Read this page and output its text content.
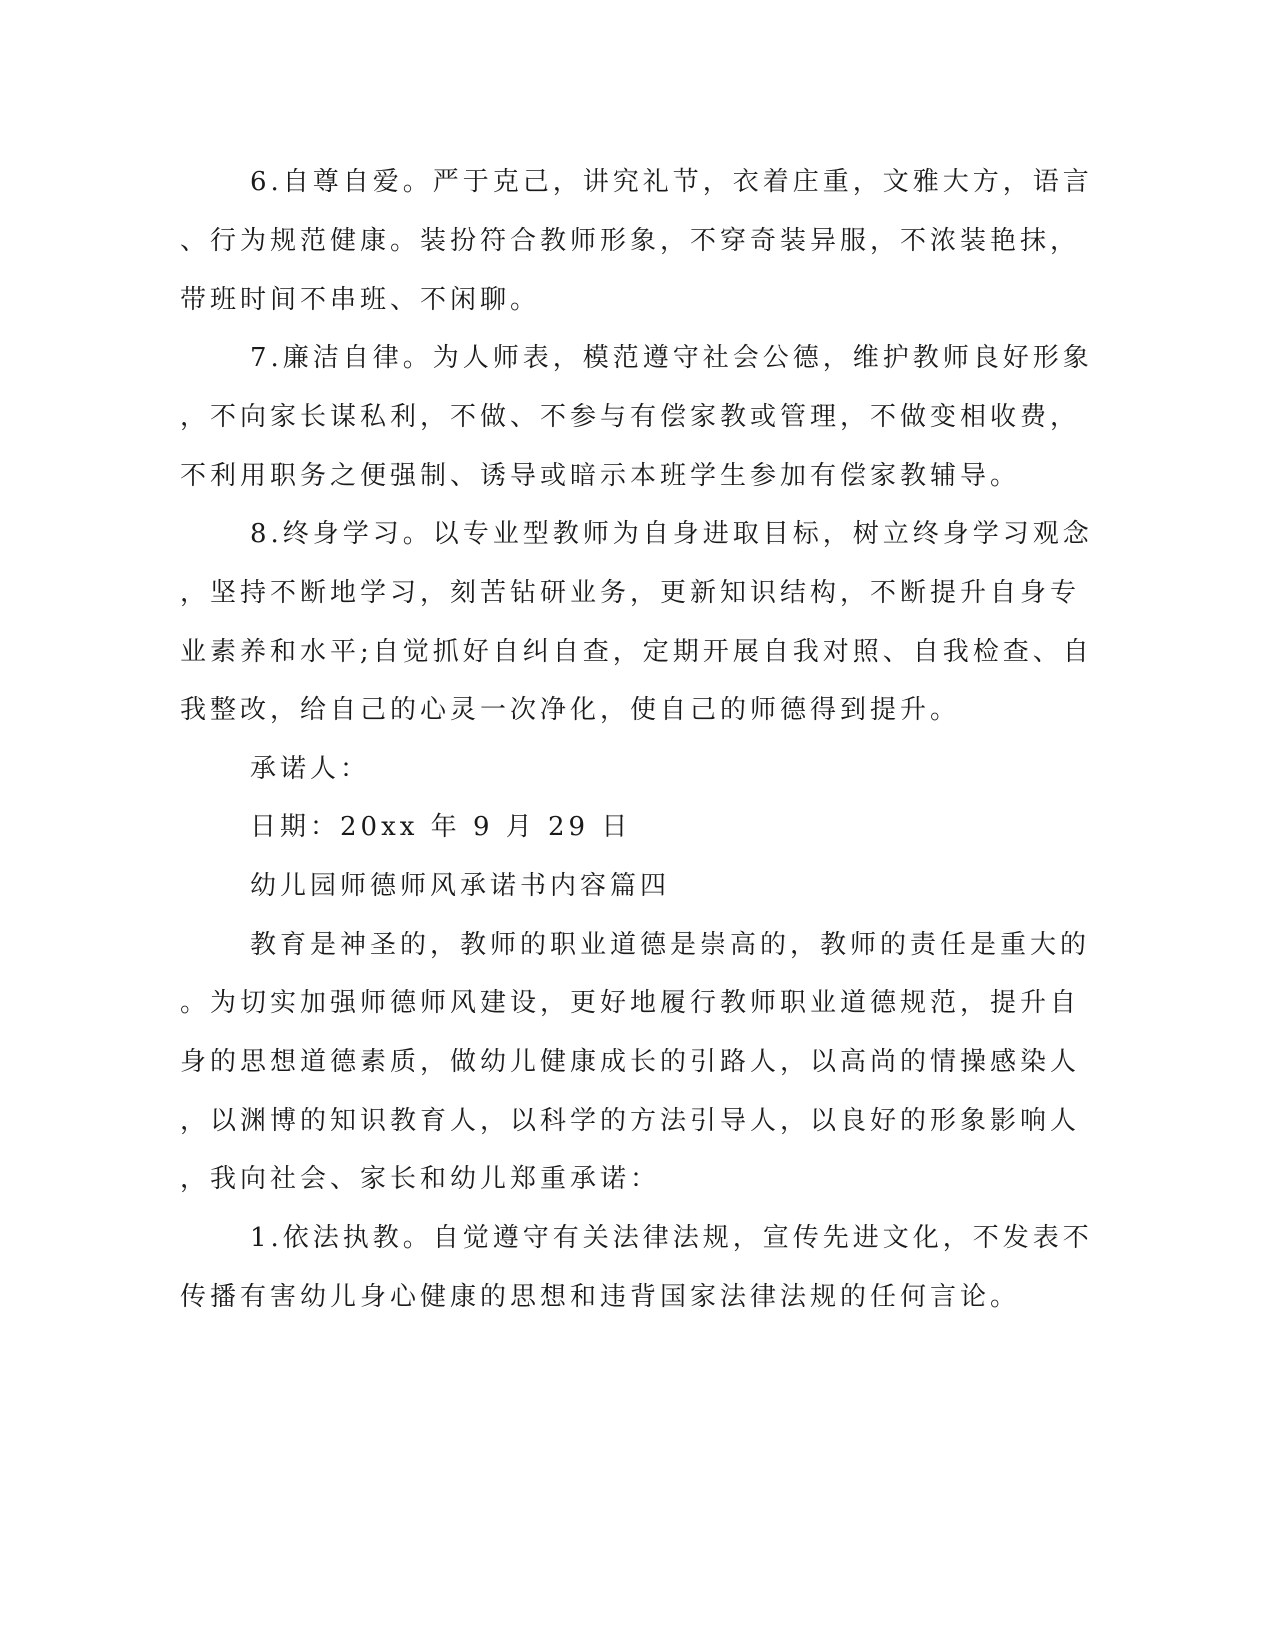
6.自尊自爱。严于克己，讲究礼节，衣着庄重，文雅大方，语言
、行为规范健康。装扮符合教师形象，不穿奇装异服，不浓装艳抹，
带班时间不串班、不闲聊。
7.廉洁自律。为人师表，模范遵守社会公德，维护教师良好形象
，不向家长谋私利，不做、不参与有偿家教或管理，不做变相收费，
不利用职务之便强制、诱导或暗示本班学生参加有偿家教辅导。
8.终身学习。以专业型教师为自身进取目标，树立终身学习观念
，坚持不断地学习，刻苦钻研业务，更新知识结构，不断提升自身专
业素养和水平;自觉抓好自纠自查，定期开展自我对照、自我检查、自
我整改，给自己的心灵一次净化，使自己的师德得到提升。
承诺人：
日期：20xx 年 9 月 29 日
幼儿园师德师风承诺书内容篇四
教育是神圣的，教师的职业道德是崇高的，教师的责任是重大的
。为切实加强师德师风建设，更好地履行教师职业道德规范，提升自
身的思想道德素质，做幼儿健康成长的引路人，以高尚的情操感染人
，以渊博的知识教育人，以科学的方法引导人，以良好的形象影响人
，我向社会、家长和幼儿郑重承诺：
1.依法执教。自觉遵守有关法律法规，宣传先进文化，不发表不
传播有害幼儿身心健康的思想和违背国家法律法规的任何言论。
